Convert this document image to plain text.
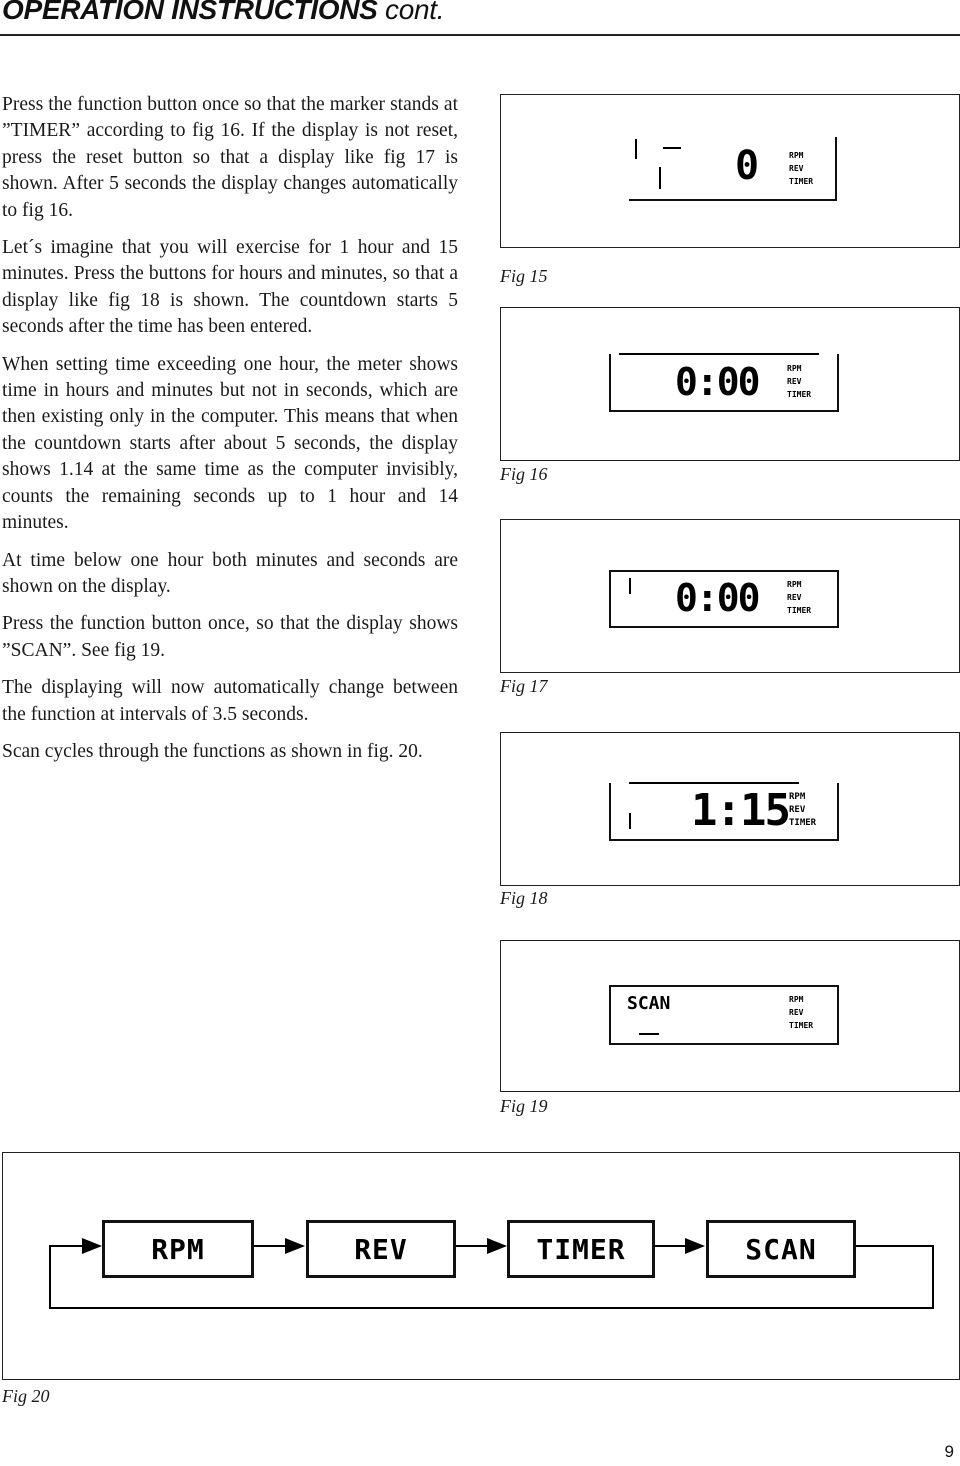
OPERATION INSTRUCTIONS cont.

Press the function button once so that the marker stands at ”TIMER” according to fig 16. If the display is not reset, press the reset button so that a display like fig 17 is shown. After 5 seconds the display changes automatically to fig 16.

Let´s imagine that you will exercise for 1 hour and 15 minutes. Press the buttons for hours and minutes, so that a display like fig 18 is shown. The countdown starts 5 seconds after the time has been entered.

When setting time exceeding one hour, the meter shows time in hours and minutes but not in seconds, which are then existing only in the computer. This means that when the countdown starts after about 5 seconds, the display shows 1.14 at the same time as the computer invisibly, counts the remaining seconds up to 1 hour and 14 minutes.

At time below one hour both minutes and seconds are shown on the display.

Press the function button once, so that the display shows ”SCAN”. See fig 19.

The displaying will now automatically change between the function at intervals of 3.5 seconds.

Scan cycles through the functions as shown in fig. 20.

0	RPM
REV
TIMER
Fig 15
0:00	RPM
REV
TIMER
Fig 16
0:00	RPM
REV
TIMER
Fig 17
1:15 RPM
REV
TIMER
Fig 18
SCAN	RPM
REV
TIMER
Fig 19
RPM	REV	TIMER	SCAN
Fig 20
9
